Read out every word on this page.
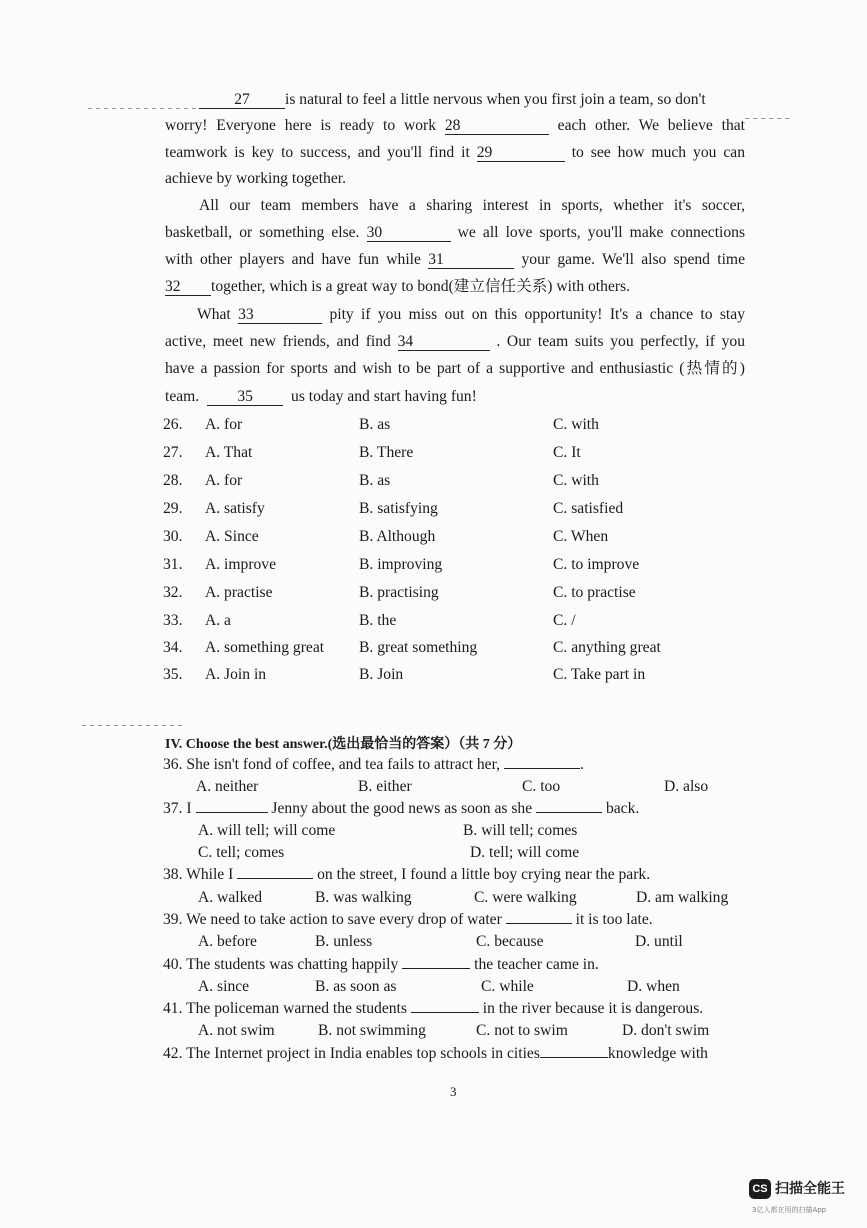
27 is natural to feel a little nervous when you first join a team, so don't
worry! Everyone here is ready to work 28	each other. We believe that
teamwork is key to success, and you'll find it 29	to see how much you can
achieve by working together.
All our team members have a sharing interest in sports, whether it's soccer,
basketball, or something else. 30	we all love sports, you'll make connections
with other players and have fun while 31	your game. We'll also spend time
32 together, which is a great way to bond(建立信任关系) with others.
What 33	pity if you miss out on this opportunity! It's a chance to stay
active, meet new friends, and find 34	. Our team suits you perfectly, if you
have a passion for sports and wish to be part of a supportive and enthusiastic (热情的)
team. 35 us today and start having fun!
26. A. for	B. as	C. with
27. A. That	B. There	C. It
28. A. for	B. as	C. with
29. A. satisfy	B. satisfying	C. satisfied
30. A. Since	B. Although	C. When
31. A. improve	B. improving	C. to improve
32. A. practise	B. practising	C. to practise
33. A. a	B. the	C. /
34. A. something great B. great something	C. anything great
35. A. Join in	B. Join	C. Take part in
IV. Choose the best answer.(选出最恰当的答案）（共 7 分）
36. She isn't fond of coffee, and tea fails to attract her,	.
A. neither	B. either	C. too	D. also
37. I	Jenny about the good news as soon as she	back.
A. will tell; will come	B. will tell; comes
C. tell; comes	D. tell; will come
38. While I	on the street, I found a little boy crying near the park.
A. walked	B. was walking	C. were walking	D. am walking
39. We need to take action to save every drop of water	it is too late.
A. before	B. unless	C. because	D. until
40. The students was chatting happily	the teacher came in.
A. since	B. as soon as	C. while	D. when
41. The policeman warned the students	in the river because it is dangerous.
A. not swim	B. not swimming	C. not to swim	D. don't swim
42. The Internet project in India enables top schools in cities	knowledge with
3
CS 扫描全能王
3亿人都在用的扫描App
